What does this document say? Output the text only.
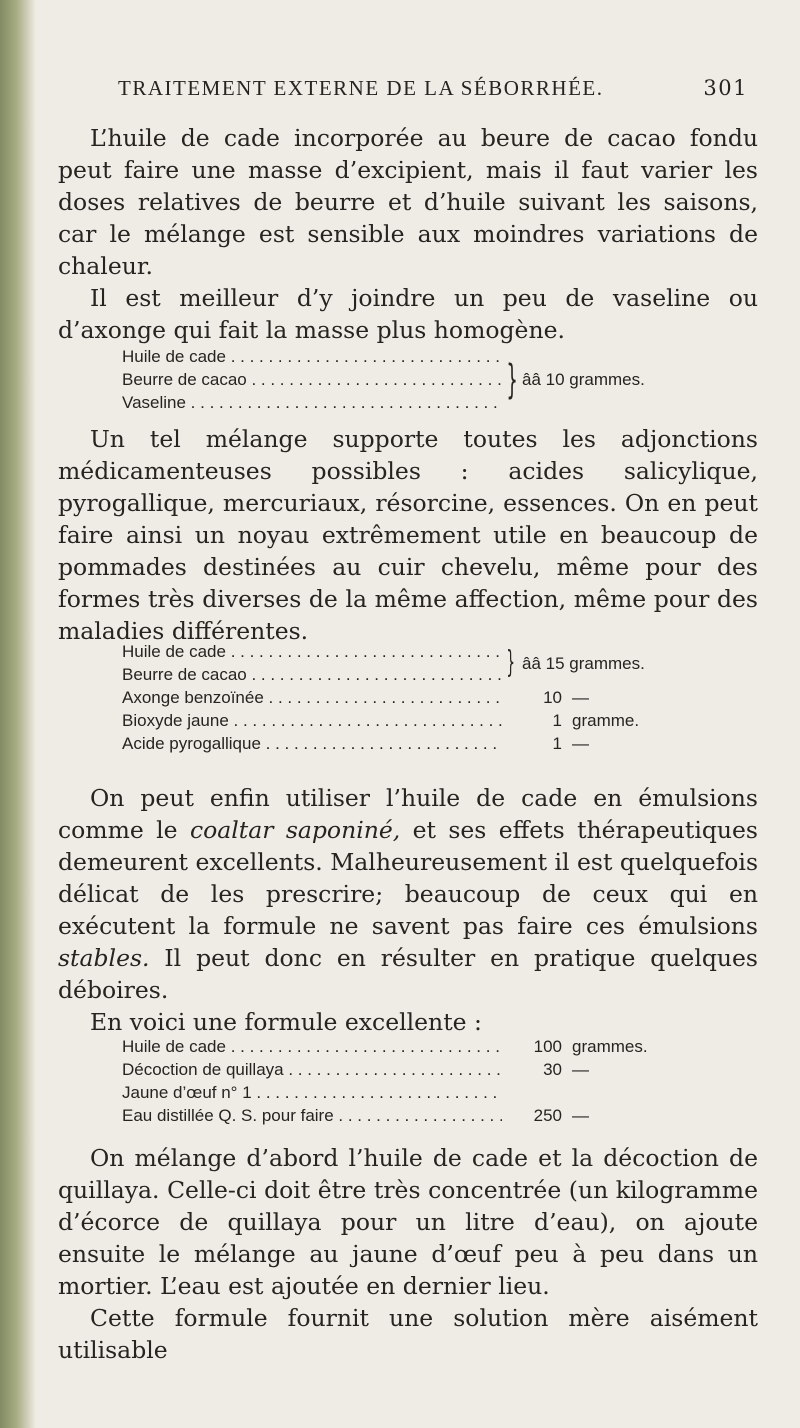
TRAITEMENT EXTERNE DE LA SÉBORRHÉE.	301

L’huile de cade incorporée au beure de cacao fondu peut faire une masse d’excipient, mais il faut varier les doses relatives de beurre et d’huile suivant les saisons, car le mélange est sensible aux moindres variations de chaleur.

Il est meilleur d’y joindre un peu de vaseline ou d’axonge qui fait la masse plus homogène.

Huile de cade . . .
Beurre de cacao . . .
Vaseline . . .	} ââ 10 grammes.

Un tel mélange supporte toutes les adjonctions médicamenteuses possibles : acides salicylique, pyrogallique, mercuriaux, résorcine, essences. On en peut faire ainsi un noyau extrêmement utile en beaucoup de pommades destinées au cuir chevelu, même pour des formes très diverses de la même affection, même pour des maladies différentes.

Huile de cade . . .
Beurre de cacao . . .	} ââ 15 grammes.
Axonge benzoïnée . . .	10 —
Bioxyde jaune . . .	1 gramme.
Acide pyrogallique . . .	1 —

On peut enfin utiliser l’huile de cade en émulsions comme le coaltar saponiné, et ses effets thérapeutiques demeurent excellents. Malheureusement il est quelquefois délicat de les prescrire; beaucoup de ceux qui en exécutent la formule ne savent pas faire ces émulsions stables. Il peut donc en résulter en pratique quelques déboires.

En voici une formule excellente :

Huile de cade . . .	100 grammes.
Décoction de quillaya . . .	30 —
Jaune d’œuf n° 1 . . .
Eau distillée Q. S. pour faire . . .	250 —

On mélange d’abord l’huile de cade et la décoction de quillaya. Celle-ci doit être très concentrée (un kilogramme d’écorce de quillaya pour un litre d’eau), on ajoute ensuite le mélange au jaune d’œuf peu à peu dans un mortier. L’eau est ajoutée en dernier lieu.

Cette formule fournit une solution mère aisément utilisable
